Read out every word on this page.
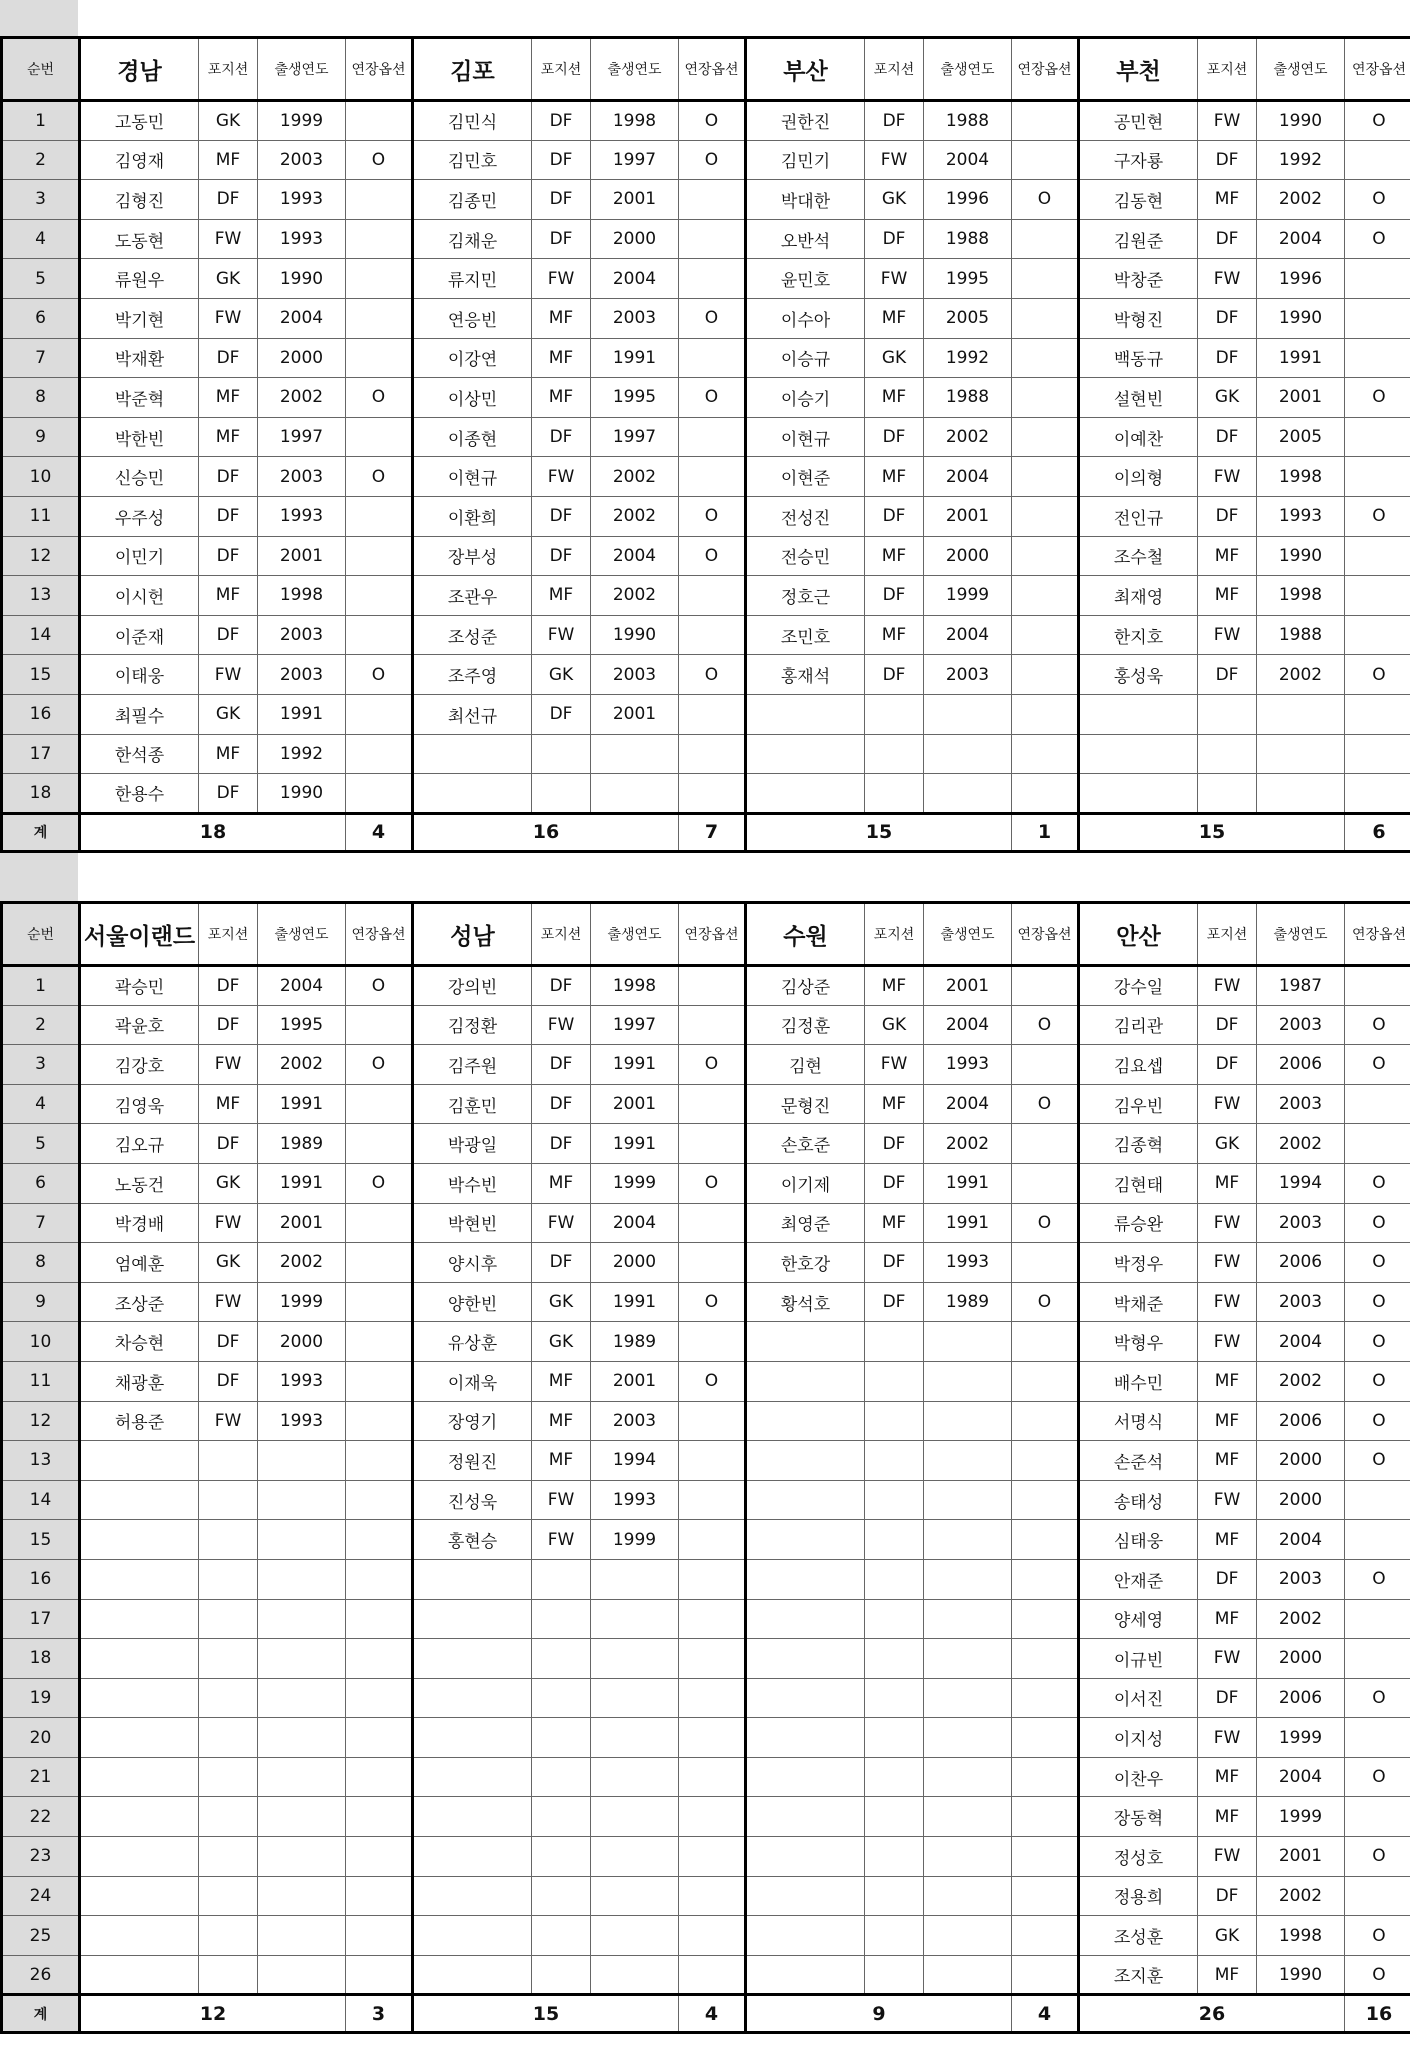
순번	경남	포지션	출생연도	연장옵션	김포	포지션	출생연도	연장옵션	부산	포지션	출생연도	연장옵션	부천	포지션	출생연도	연장옵션
1	고동민	GK	1999		김민식	DF	1998	O	권한진	DF	1988		공민현	FW	1990	O
2	김영재	MF	2003	O	김민호	DF	1997	O	김민기	FW	2004		구자룡	DF	1992	
3	김형진	DF	1993		김종민	DF	2001		박대한	GK	1996	O	김동현	MF	2002	O
4	도동현	FW	1993		김채운	DF	2000		오반석	DF	1988		김원준	DF	2004	O
5	류원우	GK	1990		류지민	FW	2004		윤민호	FW	1995		박창준	FW	1996	
6	박기현	FW	2004		연응빈	MF	2003	O	이수아	MF	2005		박형진	DF	1990	
7	박재환	DF	2000		이강연	MF	1991		이승규	GK	1992		백동규	DF	1991	
8	박준혁	MF	2002	O	이상민	MF	1995	O	이승기	MF	1988		설현빈	GK	2001	O
9	박한빈	MF	1997		이종현	DF	1997		이현규	DF	2002		이예찬	DF	2005	
10	신승민	DF	2003	O	이현규	FW	2002		이현준	MF	2004		이의형	FW	1998	
11	우주성	DF	1993		이환희	DF	2002	O	전성진	DF	2001		전인규	DF	1993	O
12	이민기	DF	2001		장부성	DF	2004	O	전승민	MF	2000		조수철	MF	1990	
13	이시헌	MF	1998		조관우	MF	2002		정호근	DF	1999		최재영	MF	1998	
14	이준재	DF	2003		조성준	FW	1990		조민호	MF	2004		한지호	FW	1988	
15	이태웅	FW	2003	O	조주영	GK	2003	O	홍재석	DF	2003		홍성욱	DF	2002	O
16	최필수	GK	1991		최선규	DF	2001									
17	한석종	MF	1992													
18	한용수	DF	1990													
계	18			4	16			7	15			1	15			6
순번	서울이랜드	포지션	출생연도	연장옵션	성남	포지션	출생연도	연장옵션	수원	포지션	출생연도	연장옵션	안산	포지션	출생연도	연장옵션
1	곽승민	DF	2004	O	강의빈	DF	1998		김상준	MF	2001		강수일	FW	1987	
2	곽윤호	DF	1995		김정환	FW	1997		김정훈	GK	2004	O	김리관	DF	2003	O
3	김강호	FW	2002	O	김주원	DF	1991	O	김현	FW	1993		김요셉	DF	2006	O
4	김영욱	MF	1991		김훈민	DF	2001		문형진	MF	2004	O	김우빈	FW	2003	
5	김오규	DF	1989		박광일	DF	1991		손호준	DF	2002		김종혁	GK	2002	
6	노동건	GK	1991	O	박수빈	MF	1999	O	이기제	DF	1991		김현태	MF	1994	O
7	박경배	FW	2001		박현빈	FW	2004		최영준	MF	1991	O	류승완	FW	2003	O
8	엄예훈	GK	2002		양시후	DF	2000		한호강	DF	1993		박정우	FW	2006	O
9	조상준	FW	1999		양한빈	GK	1991	O	황석호	DF	1989	O	박채준	FW	2003	O
10	차승현	DF	2000		유상훈	GK	1989						박형우	FW	2004	O
11	채광훈	DF	1993		이재욱	MF	2001	O					배수민	MF	2002	O
12	허용준	FW	1993		장영기	MF	2003						서명식	MF	2006	O
13					정원진	MF	1994						손준석	MF	2000	O
14					진성욱	FW	1993						송태성	FW	2000	
15					홍현승	FW	1999						심태웅	MF	2004	
16													안재준	DF	2003	O
17													양세영	MF	2002	
18													이규빈	FW	2000	
19													이서진	DF	2006	O
20													이지성	FW	1999	
21													이찬우	MF	2004	O
22													장동혁	MF	1999	
23													정성호	FW	2001	O
24													정용희	DF	2002	
25													조성훈	GK	1998	O
26													조지훈	MF	1990	O
계	12			3	15			4	9			4	26			16
